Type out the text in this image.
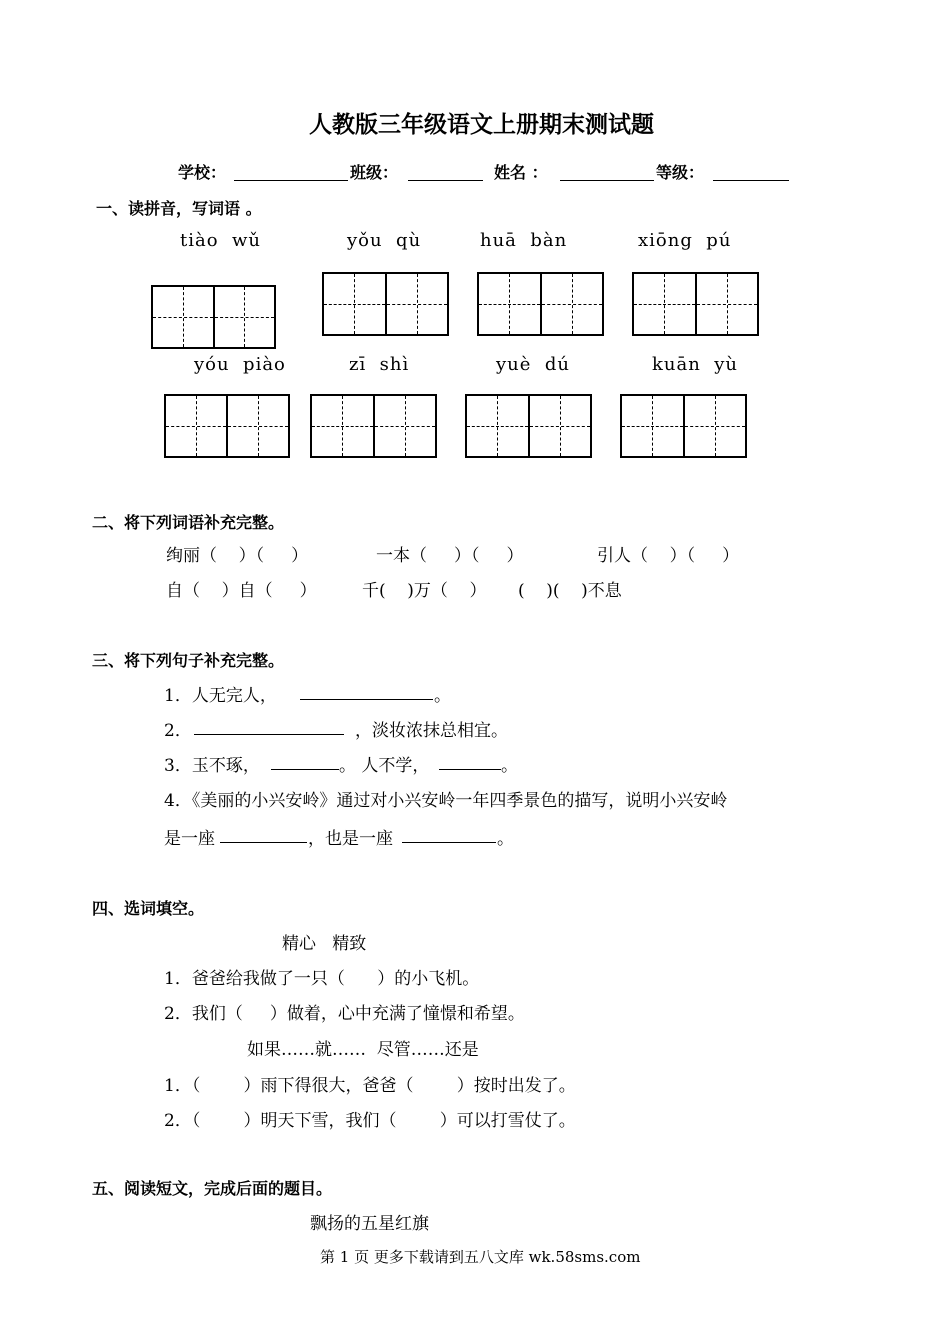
人教版三年级语文上册期末测试题
学校：	班级：	姓名 ：	等级：
一、读拼音，写词语 。
tiào  wǔ	yǒu  qù	huā  bàn	xiōng  pú
yóu  piào	zī  shì	yuè  dú	kuān  yù
二、将下列词语补充完整。
绚丽（    ）（     ）	一本（     ）（     ）	引人（    ）（     ）
自（    ）自（     ）	千(    )万（    ） (    )(    )不息
三、将下列句子补充完整。
1．人无完人，	。
2．	，淡妆浓抹总相宜。
3．玉不琢，	。 人不学，	。
4．《美丽的小兴安岭》通过对小兴安岭一年四季景色的描写，说明小兴安岭
是一座	，也是一座	。
四、选词填空。
精心   精致
1．爸爸给我做了一只（      ）的小飞机。
2．我们（     ）做着，心中充满了憧憬和希望。
如果……就……  尽管……还是
1．（        ）雨下得很大，爸爸（        ）按时出发了。
2．（        ）明天下雪，我们（        ）可以打雪仗了。
五、阅读短文，完成后面的题目。
飘扬的五星红旗
第 1 页 更多下载请到五八文库 wk.58sms.com
